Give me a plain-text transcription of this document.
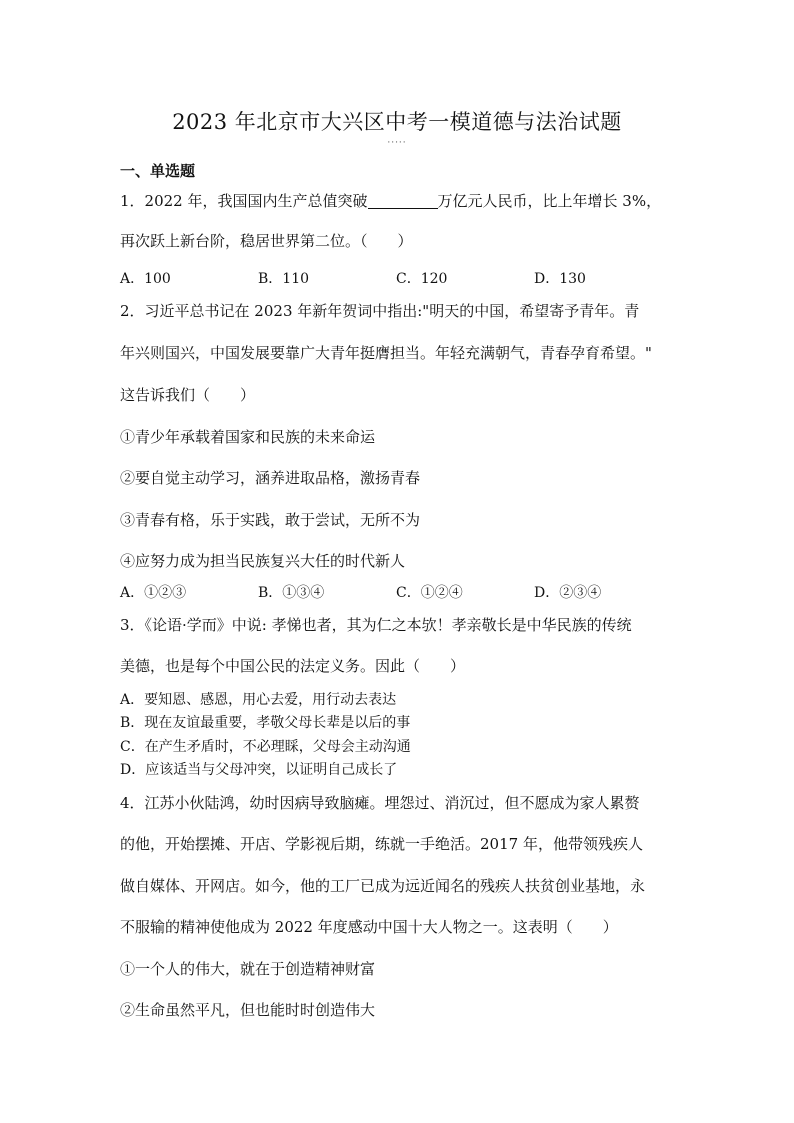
2023 年北京市大兴区中考一模道德与法治试题
·····
一、单选题
1．2022 年，我国国内生产总值突破	万亿元人民币，比上年增长 3%，
再次跃上新台阶，稳居世界第二位。（　　）
A．100	B．110	C．120	D．130
2．习近平总书记在 2023 年新年贺词中指出:"明天的中国，希望寄予青年。青
年兴则国兴，中国发展要靠广大青年挺膺担当。年轻充满朝气，青春孕育希望。"
这告诉我们（　　）
①青少年承载着国家和民族的未来命运
②要自觉主动学习，涵养进取品格，激扬青春
③青春有格，乐于实践，敢于尝试，无所不为
④应努力成为担当民族复兴大任的时代新人
A．①②③	B．①③④	C．①②④	D．②③④
3．《论语·学而》中说: 孝悌也者，其为仁之本欤！孝亲敬长是中华民族的传统
美德，也是每个中国公民的法定义务。因此（　　）
A．要知恩、感恩，用心去爱，用行动去表达
B．现在友谊最重要，孝敬父母长辈是以后的事
C．在产生矛盾时，不必理睬，父母会主动沟通
D．应该适当与父母冲突，以证明自己成长了
4．江苏小伙陆鸿，幼时因病导致脑瘫。埋怨过、消沉过，但不愿成为家人累赘
的他，开始摆摊、开店、学影视后期，练就一手绝活。2017 年，他带领残疾人
做自媒体、开网店。如今，他的工厂已成为远近闻名的残疾人扶贫创业基地，永
不服输的精神使他成为 2022 年度感动中国十大人物之一。这表明（　　）
①一个人的伟大，就在于创造精神财富
②生命虽然平凡，但也能时时创造伟大
